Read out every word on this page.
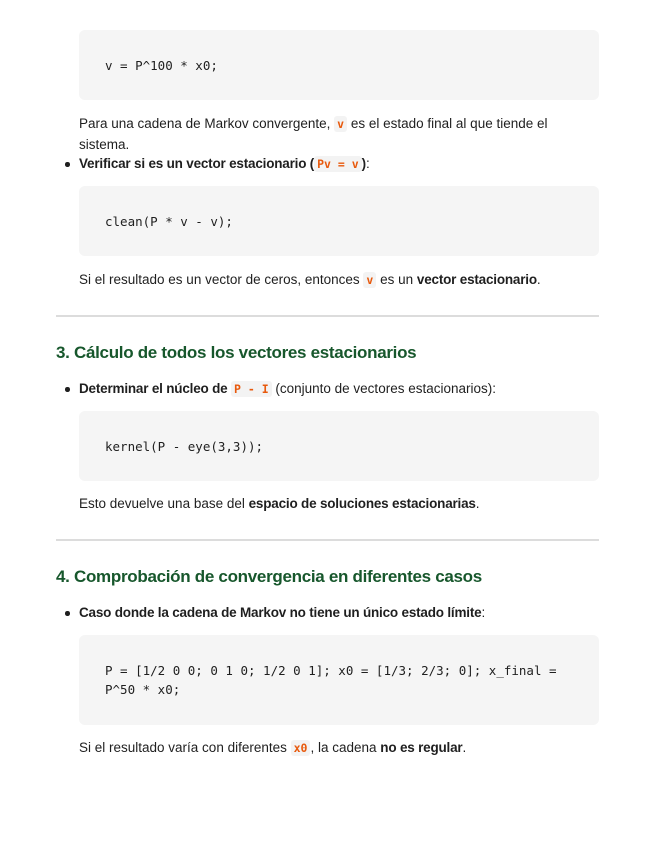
v = P^100 * x0;
Para una cadena de Markov convergente, v es el estado final al que tiende el sistema.
Verificar si es un vector estacionario ( Pv = v ):
clean(P * v - v);
Si el resultado es un vector de ceros, entonces v es un vector estacionario.
3. Cálculo de todos los vectores estacionarios
Determinar el núcleo de P - I (conjunto de vectores estacionarios):
kernel(P - eye(3,3));
Esto devuelve una base del espacio de soluciones estacionarias.
4. Comprobación de convergencia en diferentes casos
Caso donde la cadena de Markov no tiene un único estado límite:
P = [1/2 0 0; 0 1 0; 1/2 0 1]; x0 = [1/3; 2/3; 0]; x_final = P^50 * x0;
Si el resultado varía con diferentes x0 , la cadena no es regular.
